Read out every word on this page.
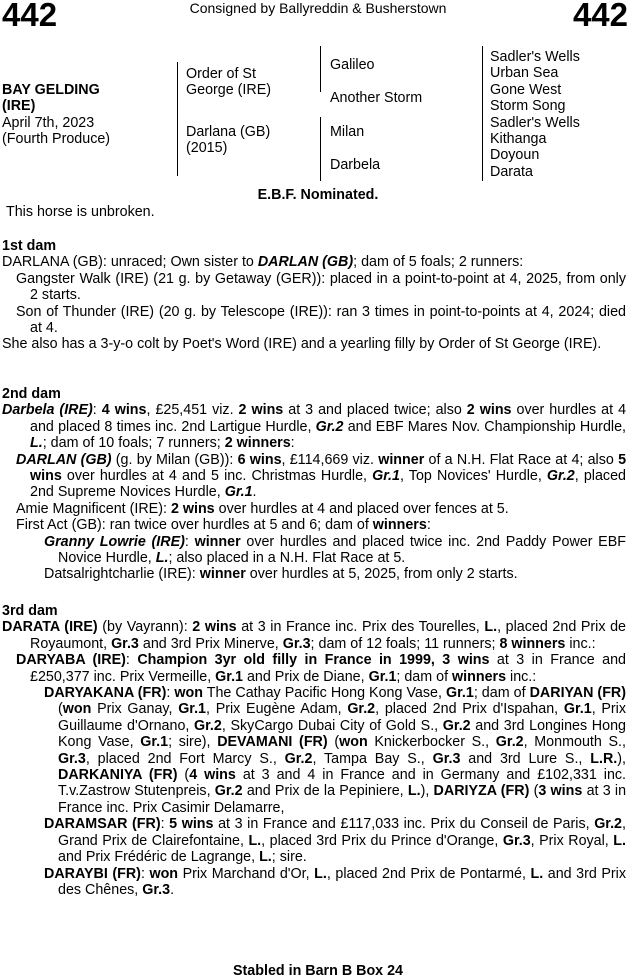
442	Consigned by Ballyreddin & Busherstown	442
BAY GELDING
(IRE)
April 7th, 2023
(Fourth Produce)
Order of St
George (IRE)
Darlana (GB)
(2015)
Galileo
Another Storm
Milan
Darbela
Sadler's Wells
Urban Sea
Gone West
Storm Song
Sadler's Wells
Kithanga
Doyoun
Darata
E.B.F. Nominated.
This horse is unbroken.

1st dam

DARLANA (GB): unraced; Own sister to DARLAN (GB); dam of 5 foals; 2 runners:

Gangster Walk (IRE) (21 g. by Getaway (GER)): placed in a point-to-point at 4, 2025, from only 2 starts.

Son of Thunder (IRE) (20 g. by Telescope (IRE)): ran 3 times in point-to-points at 4, 2024; died at 4.

She also has a 3-y-o colt by Poet's Word (IRE) and a yearling filly by Order of St George (IRE).

2nd dam

Darbela (IRE): 4 wins, £25,451 viz. 2 wins at 3 and placed twice; also 2 wins over hurdles at 4 and placed 8 times inc. 2nd Lartigue Hurdle, Gr.2 and EBF Mares Nov. Championship Hurdle, L.; dam of 10 foals; 7 runners; 2 winners:

DARLAN (GB) (g. by Milan (GB)): 6 wins, £114,669 viz. winner of a N.H. Flat Race at 4; also 5 wins over hurdles at 4 and 5 inc. Christmas Hurdle, Gr.1, Top Novices' Hurdle, Gr.2, placed 2nd Supreme Novices Hurdle, Gr.1.

Amie Magnificent (IRE): 2 wins over hurdles at 4 and placed over fences at 5.

First Act (GB): ran twice over hurdles at 5 and 6; dam of winners:

Granny Lowrie (IRE): winner over hurdles and placed twice inc. 2nd Paddy Power EBF Novice Hurdle, L.; also placed in a N.H. Flat Race at 5.

Datsalrightcharlie (IRE): winner over hurdles at 5, 2025, from only 2 starts.

3rd dam

DARATA (IRE) (by Vayrann): 2 wins at 3 in France inc. Prix des Tourelles, L., placed 2nd Prix de Royaumont, Gr.3 and 3rd Prix Minerve, Gr.3; dam of 12 foals; 11 runners; 8 winners inc.:

DARYABA (IRE): Champion 3yr old filly in France in 1999, 3 wins at 3 in France and £250,377 inc. Prix Vermeille, Gr.1 and Prix de Diane, Gr.1; dam of winners inc.:

DARYAKANA (FR): won The Cathay Pacific Hong Kong Vase, Gr.1; dam of DARIYAN (FR) (won Prix Ganay, Gr.1, Prix Eugène Adam, Gr.2, placed 2nd Prix d'Ispahan, Gr.1, Prix Guillaume d'Ornano, Gr.2, SkyCargo Dubai City of Gold S., Gr.2 and 3rd Longines Hong Kong Vase, Gr.1; sire), DEVAMANI (FR) (won Knickerbocker S., Gr.2, Monmouth S., Gr.3, placed 2nd Fort Marcy S., Gr.2, Tampa Bay S., Gr.3 and 3rd Lure S., L.R.), DARKANIYA (FR) (4 wins at 3 and 4 in France and in Germany and £102,331 inc. T.v.Zastrow Stutenpreis, Gr.2 and Prix de la Pepiniere, L.), DARIYZA (FR) (3 wins at 3 in France inc. Prix Casimir Delamarre,

DARAMSAR (FR): 5 wins at 3 in France and £117,033 inc. Prix du Conseil de Paris, Gr.2, Grand Prix de Clairefontaine, L., placed 3rd Prix du Prince d'Orange, Gr.3, Prix Royal, L. and Prix Frédéric de Lagrange, L.; sire.

DARAYBI (FR): won Prix Marchand d'Or, L., placed 2nd Prix de Pontarmé, L. and 3rd Prix des Chênes, Gr.3.

Stabled in Barn B Box 24
